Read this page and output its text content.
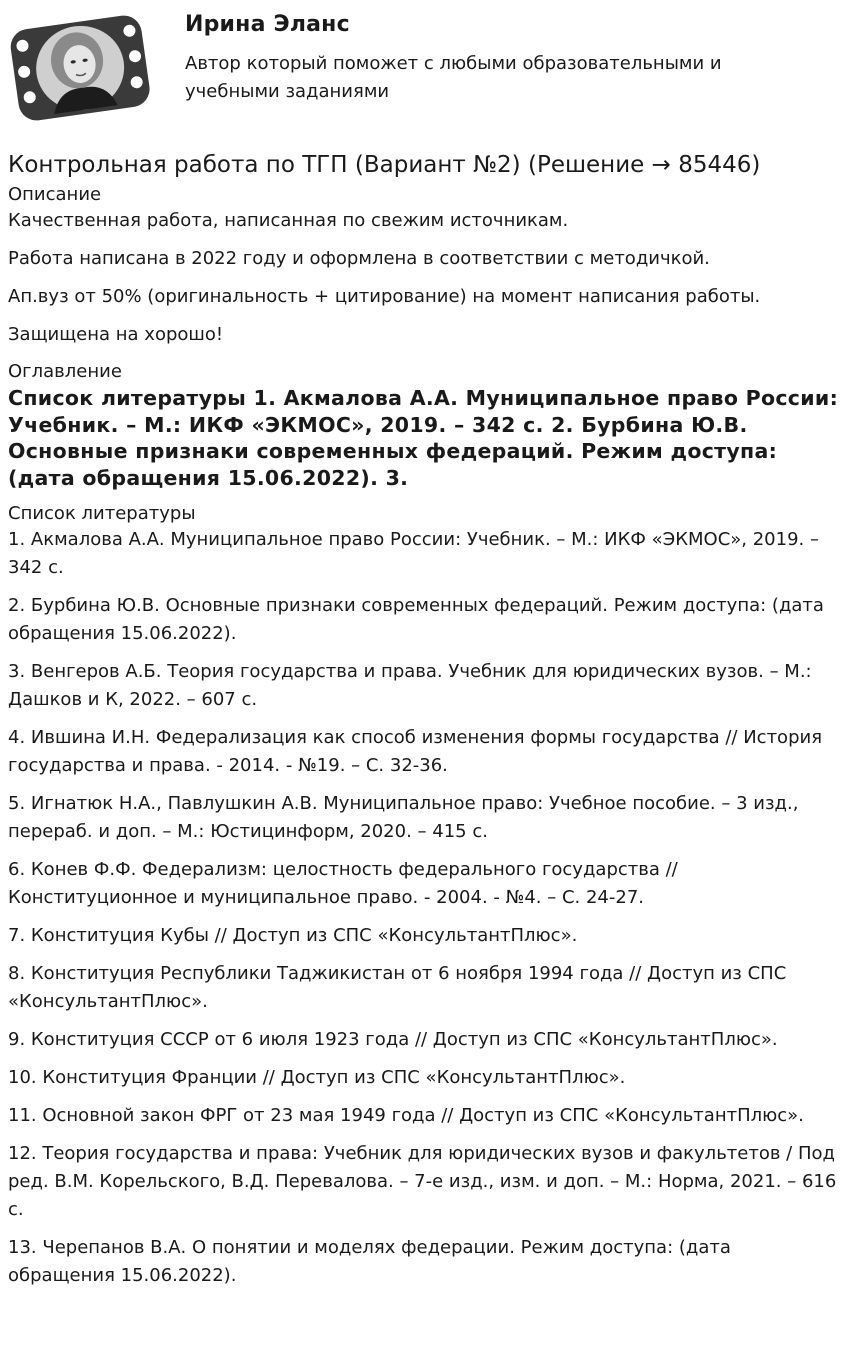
Ирина Эланс

Автор который поможет с любыми образовательными и учебными заданиями

Контрольная работа по ТГП (Вариант №2) (Решение → 85446)

Описание

Качественная работа, написанная по свежим источникам.

Работа написана в 2022 году и оформлена в соответствии с методичкой.

Ап.вуз от 50% (оригинальность + цитирование) на момент написания работы.

Защищена на хорошо!

Оглавление

Список литературы 1. Акмалова А.А. Муниципальное право России: Учебник. – М.: ИКФ «ЭКМОС», 2019. – 342 с. 2. Бурбина Ю.В. Основные признаки современных федераций. Режим доступа: (дата обращения 15.06.2022). 3.

Список литературы

1. Акмалова А.А. Муниципальное право России: Учебник. – М.: ИКФ «ЭКМОС», 2019. – 342 с.

2. Бурбина Ю.В. Основные признаки современных федераций. Режим доступа: (дата обращения 15.06.2022).

3. Венгеров А.Б. Теория государства и права. Учебник для юридических вузов. – М.: Дашков и К, 2022. – 607 с.

4. Ившина И.Н. Федерализация как способ изменения формы государства // История государства и права. - 2014. - №19. – С. 32-36.

5. Игнатюк Н.А., Павлушкин А.В. Муниципальное право: Учебное пособие. – 3 изд., перераб. и доп. – М.: Юстицинформ, 2020. – 415 с.

6. Конев Ф.Ф. Федерализм: целостность федерального государства // Конституционное и муниципальное право. - 2004. - №4. – С. 24-27.

7. Конституция Кубы // Доступ из СПС «КонсультантПлюс».

8. Конституция Республики Таджикистан от 6 ноября 1994 года // Доступ из СПС «КонсультантПлюс».

9. Конституция СССР от 6 июля 1923 года // Доступ из СПС «КонсультантПлюс».

10. Конституция Франции // Доступ из СПС «КонсультантПлюс».

11. Основной закон ФРГ от 23 мая 1949 года // Доступ из СПС «КонсультантПлюс».

12. Теория государства и права: Учебник для юридических вузов и факультетов / Под ред. В.М. Корельского, В.Д. Перевалова. – 7-е изд., изм. и доп. – М.: Норма, 2021. – 616 с.

13. Черепанов В.А. О понятии и моделях федерации. Режим доступа: (дата обращения 15.06.2022).
